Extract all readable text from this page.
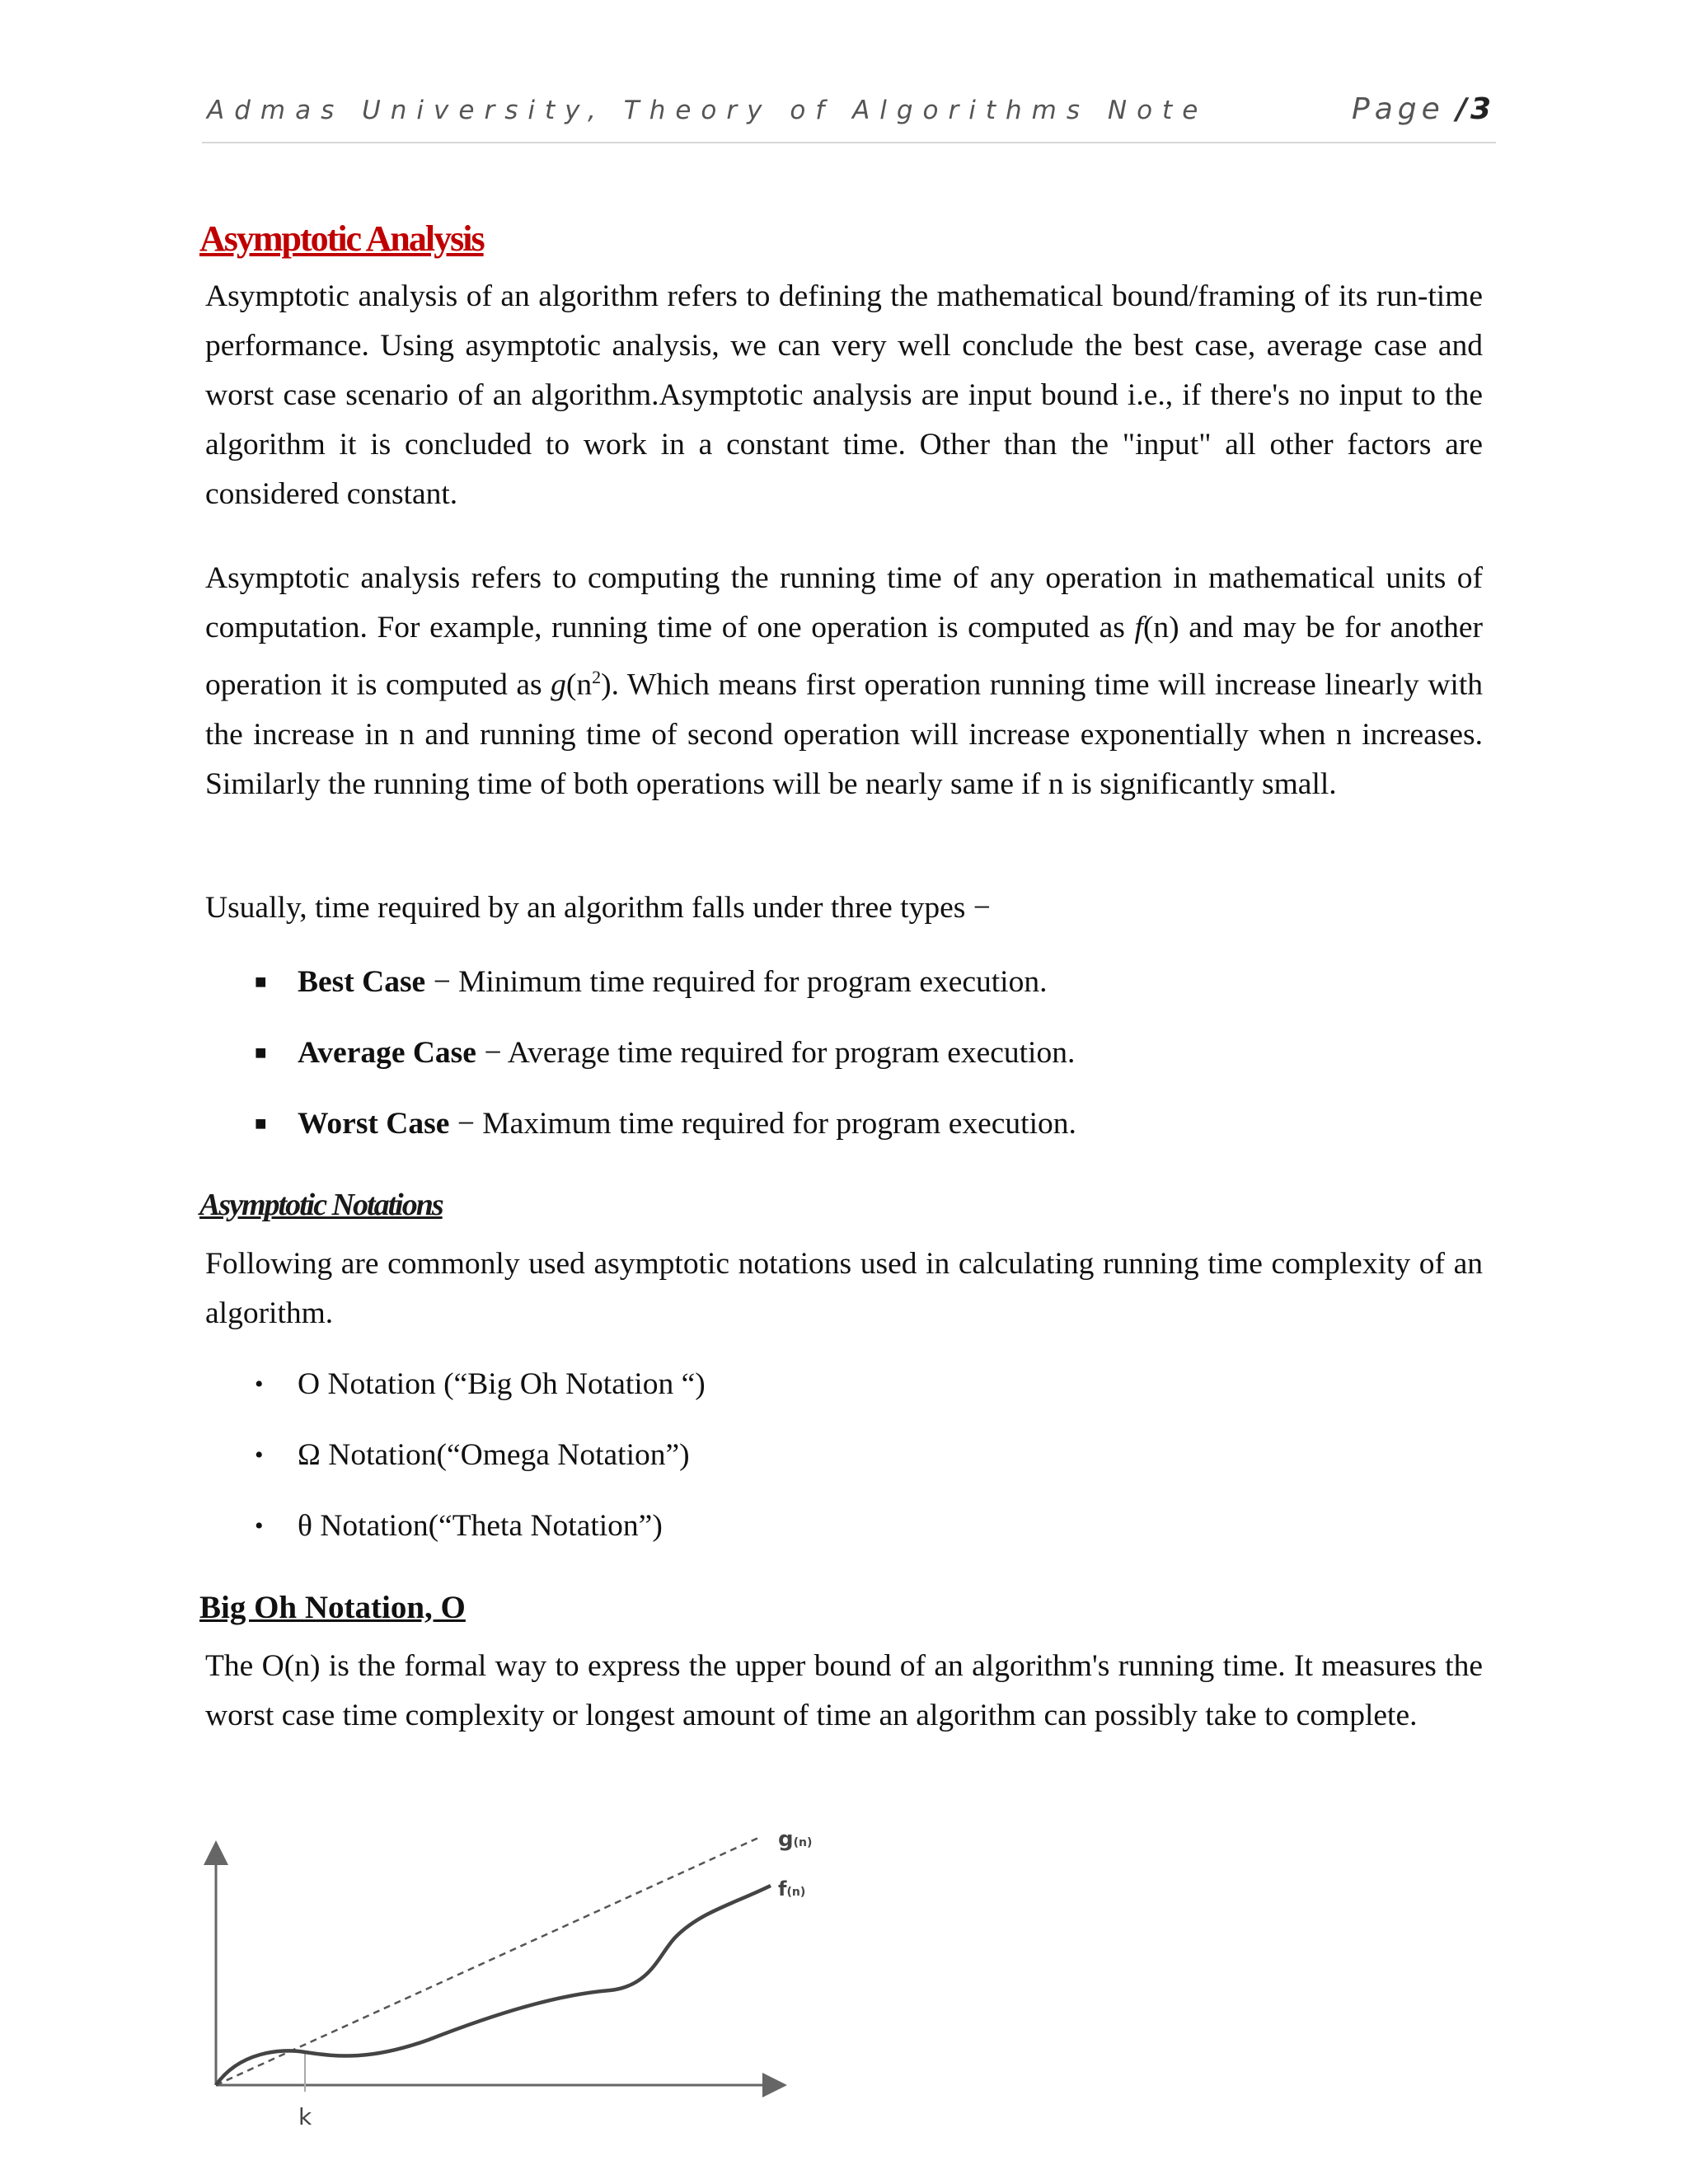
Admas University, Theory of Algorithms Note	Page / 3
Asymptotic Analysis
Asymptotic analysis of an algorithm refers to defining the mathematical bound/framing of its run-time performance. Using asymptotic analysis, we can very well conclude the best case, average case and worst case scenario of an algorithm.Asymptotic analysis are input bound i.e., if there's no input to the algorithm it is concluded to work in a constant time. Other than the "input" all other factors are considered constant.
Asymptotic analysis refers to computing the running time of any operation in mathematical units of computation. For example, running time of one operation is computed as f(n) and may be for another operation it is computed as $g(n^2)$. Which means first operation running time will increase linearly with the increase in n and running time of second operation will increase exponentially when n increases. Similarly the running time of both operations will be nearly same if n is significantly small.
Usually, time required by an algorithm falls under three types −
■ Best Case − Minimum time required for program execution.
■ Average Case − Average time required for program execution.
■ Worst Case − Maximum time required for program execution.
Asymptotic Notations
Following are commonly used asymptotic notations used in calculating running time complexity of an algorithm.
• O Notation (“Big Oh Notation “)
• Ω Notation(“Omega Notation”)
• θ Notation(“Theta Notation”)
Big Oh Notation, O
The O(n) is the formal way to express the upper bound of an algorithm's running time. It measures the worst case time complexity or longest amount of time an algorithm can possibly take to complete.
g(n)
f(n)
k
